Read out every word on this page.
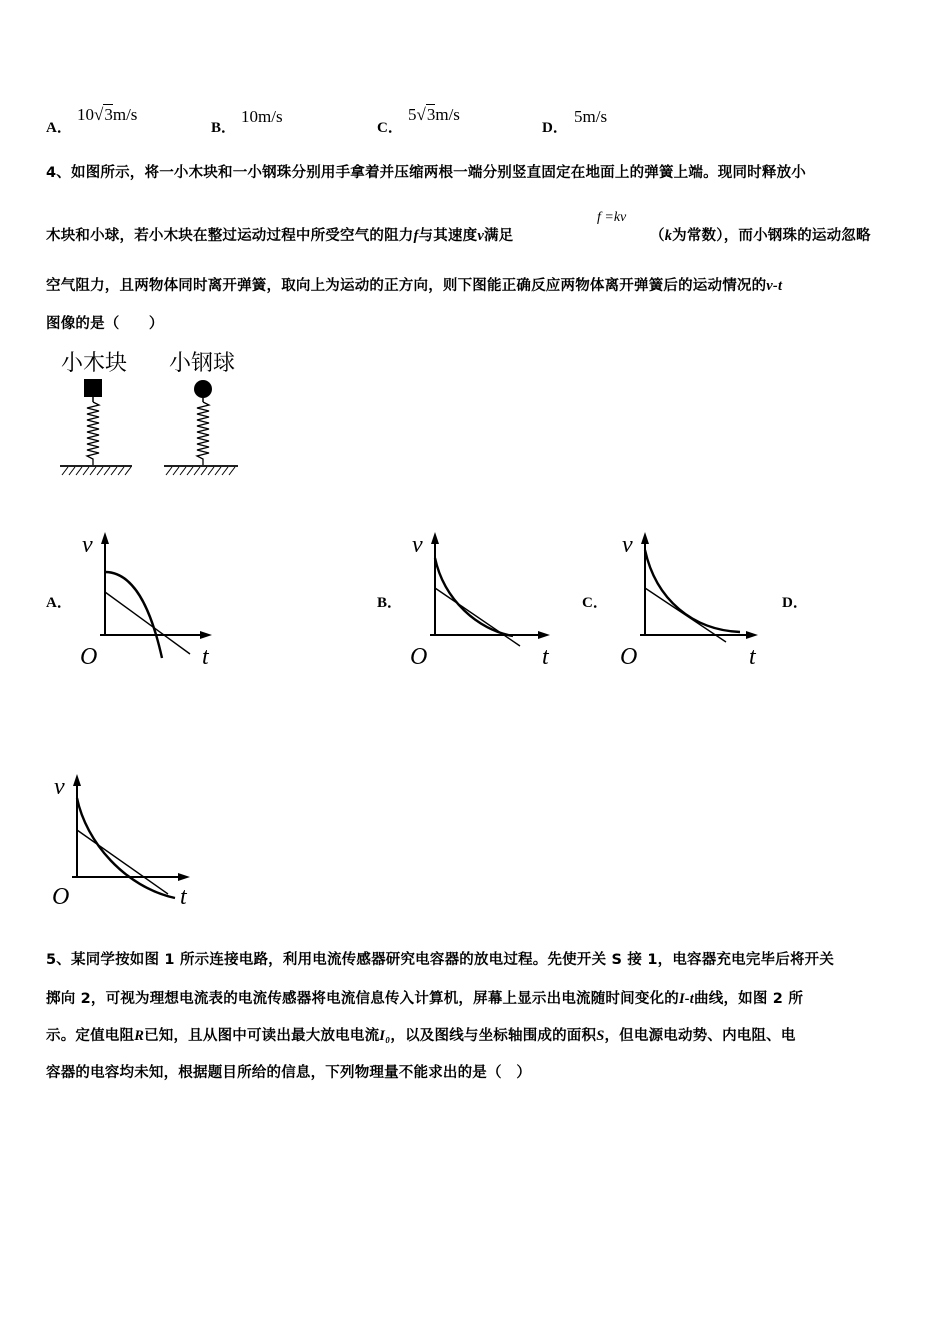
A．
10√3m/s
B．
10m/s
C．
5√3m/s
D．
5m/s
4、如图所示，将一小木块和一小钢珠分别用手拿着并压缩两根一端分别竖直固定在地面上的弹簧上端。现同时释放小
木块和小球，若小木块在整过运动过程中所受空气的阻力f与其速度v满足
f =kv
（k为常数），而小钢珠的运动忽略
空气阻力，且两物体同时离开弹簧，取向上为运动的正方向，则下图能正确反应两物体离开弹簧后的运动情况的v-t
图像的是（　　）
小木块 小钢球
A．	B．	C．	D．
v
t
O
v
t
O
v
t
O
v
t
O
5、某同学按如图 1 所示连接电路，利用电流传感器研究电容器的放电过程。先使开关 S 接 1，电容器充电完毕后将开关
掷向 2，可视为理想电流表的电流传感器将电流信息传入计算机，屏幕上显示出电流随时间变化的I-t曲线，如图 2 所
示。定值电阻R已知，且从图中可读出最大放电电流I₀，以及图线与坐标轴围成的面积S，但电源电动势、内电阻、电
容器的电容均未知，根据题目所给的信息，下列物理量不能求出的是（　）
